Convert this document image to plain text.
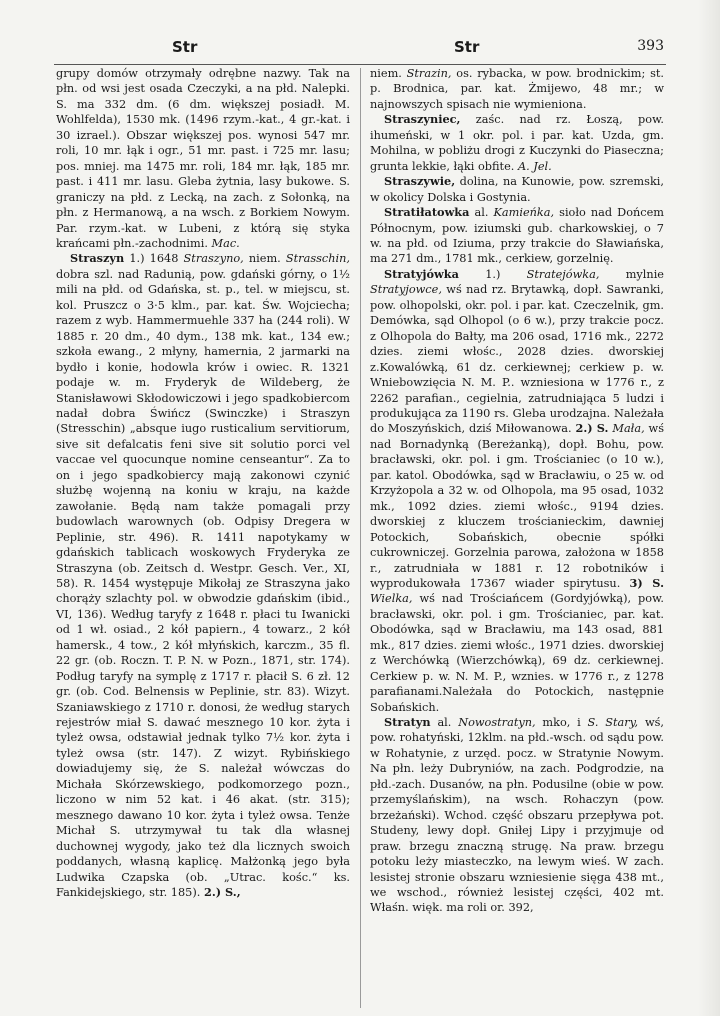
Str	Str	393

grupy domów otrzymały odrębne nazwy. Tak na płn. od wsi jest osada Czeczyki, a na płd. Nalepki. S. ma 332 dm. (6 dm. większej posiadł. M. Wohlfelda), 1530 mk. (1496 rzym.-kat., 4 gr.-kat. i 30 izrael.). Obszar większej pos. wynosi 547 mr. roli, 10 mr. łąk i ogr., 51 mr. past. i 725 mr. lasu; pos. mniej. ma 1475 mr. roli, 184 mr. łąk, 185 mr. past. i 411 mr. lasu. Gleba żytnia, lasy bukowe. S. graniczy na płd. z Lecką, na zach. z Sołonką, na płn. z Hermanową, a na wsch. z Borkiem Nowym. Par. rzym.-kat. w Lubeni, z którą się styka krańcami płn.-zachodnimi. Mac.

Straszyn 1.) 1648 Straszyno, niem. Strasschin, dobra szl. nad Radunią, pow. gdański górny, o 1½ mili na płd. od Gdańska, st. p., tel. w miejscu, st. kol. Pruszcz o 3·5 klm., par. kat. Św. Wojciecha; razem z wyb. Hammermuehle 337 ha (244 roli). W 1885 r. 20 dm., 40 dym., 138 mk. kat., 134 ew.; szkoła ewang., 2 młyny, hamernia, 2 jarmarki na bydło i konie, hodowla krów i owiec. R. 1321 podaje w. m. Fryderyk de Wildeberg, że Stanisławowi Skłodowiczowi i jego spadkobiercom nadał dobra Świńcz (Swinczke) i Straszyn (Stresschin) „absque iugo rusticalium servitiorum, sive sit defalcatis feni sive sit solutio porci vel vaccae vel quocunque nomine censeantur“. Za to on i jego spadkobiercy mają zakonowi czynić służbę wojenną na koniu w kraju, na każde zawołanie. Będą nam także pomagali przy budowlach warownych (ob. Odpisy Dregera w Peplinie, str. 496). R. 1411 napotykamy w gdańskich tablicach woskowych Fryderyka ze Straszyna (ob. Zeitsch d. Westpr. Gesch. Ver., XI, 58). R. 1454 występuje Mikołaj ze Straszyna jako chorąży szlachty pol. w obwodzie gdańskim (ibid., VI, 136). Według taryfy z 1648 r. płaci tu Iwanicki od 1 wł. osiad., 2 kół papiern., 4 towarz., 2 kół hamersk., 4 tow., 2 kół młyńskich, karczm., 35 fl. 22 gr. (ob. Roczn. T. P. N. w Pozn., 1871, str. 174). Podług taryfy na symplę z 1717 r. płacił S. 6 zł. 12 gr. (ob. Cod. Belnensis w Peplinie, str. 83). Wizyt. Szaniawskiego z 1710 r. donosi, że według starych rejestrów miał S. dawać mesznego 10 kor. żyta i tyleż owsa, odstawiał jednak tylko 7½ kor. żyta i tyleż owsa (str. 147). Z wizyt. Rybińskiego dowiadujemy się, że S. należał wówczas do Michała Skórzewskiego, podkomorzego pozn., liczono w nim 52 kat. i 46 akat. (str. 315); mesznego dawano 10 kor. żyta i tyleż owsa. Tenże Michał S. utrzymywał tu tak dla własnej duchownej wygody, jako też dla licznych swoich poddanych, własną kaplicę. Małżonką jego była Ludwika Czapska (ob. „Utrac. kośc.“ ks. Fankidejskiego, str. 185). 2.) S.,

niem. Strazin, os. rybacka, w pow. brodnickim; st. p. Brodnica, par. kat. Żmijewo, 48 mr.; w najnowszych spisach nie wymieniona.

Straszyniec, zaśc. nad rz. Łoszą, pow. ihumeński, w 1 okr. pol. i par. kat. Uzda, gm. Mohilna, w pobliżu drogi z Kuczynki do Piaseczna; grunta lekkie, łąki obfite. A. Jel.

Straszywie, dolina, na Kunowie, pow. szremski, w okolicy Dolska i Gostynia.

Stratiłatowka al. Kamieńka, sioło nad Dońcem Północnym, pow. iziumski gub. charkowskiej, o 7 w. na płd. od Iziuma, przy trakcie do Sławiańska, ma 271 dm., 1781 mk., cerkiew, gorzelnię.

Stratyjówka 1.) Stratejówka, mylnie Stratyjowce, wś nad rz. Brytawką, dopł. Sawranki, pow. olhopolski, okr. pol. i par. kat. Czeczelnik, gm. Demówka, sąd Olhopol (o 6 w.), przy trakcie pocz. z Olhopola do Bałty, ma 206 osad, 1716 mk., 2272 dzies. ziemi włośc., 2028 dzies. dworskiej z.Kowalówką, 61 dz. cerkiewnej; cerkiew p. w. Wniebowzięcia N. M. P.. wzniesiona w 1776 r., z 2262 parafian., cegielnia, zatrudniająca 5 ludzi i produkująca za 1190 rs. Gleba urodzajna. Należała do Moszyńskich, dziś Miłowanowa. 2.) S. Mała, wś nad Bornadynką (Bereżanką), dopł. Bohu, pow. bracławski, okr. pol. i gm. Trościaniec (o 10 w.), par. katol. Obodówka, sąd w Bracławiu, o 25 w. od Krzyżopola a 32 w. od Olhopola, ma 95 osad, 1032 mk., 1092 dzies. ziemi włośc., 9194 dzies. dworskiej z kluczem trościanieckim, dawniej Potockich, Sobańskich, obecnie spółki cukrowniczej. Gorzelnia parowa, założona w 1858 r., zatrudniała w 1881 r. 12 robotników i wyprodukowała 17367 wiader spirytusu. 3) S. Wielka, wś nad Trościańcem (Gordyjówką), pow. bracławski, okr. pol. i gm. Trościaniec, par. kat. Obodówka, sąd w Bracławiu, ma 143 osad, 881 mk., 817 dzies. ziemi włośc., 1971 dzies. dworskiej z Werchówką (Wierzchówką), 69 dz. cerkiewnej. Cerkiew p. w. N. M. P., wznies. w 1776 r., z 1278 parafianami.Należała do Potockich, następnie Sobańskich.

Stratyn al. Nowostratyn, mko, i S. Stary, wś, pow. rohatyński, 12klm. na płd.-wsch. od sądu pow. w Rohatynie, z urzęd. pocz. w Stratynie Nowym. Na płn. leży Dubryniów, na zach. Podgrodzie, na płd.-zach. Dusanów, na płn. Podusilne (obie w pow. przemyślańskim), na wsch. Rohaczyn (pow. brzeżański). Wchod. część obszaru przepływa pot. Studeny, lewy dopł. Gniłej Lipy i przyjmuje od praw. brzegu znaczną strugę. Na praw. brzegu potoku leży miasteczko, na lewym wieś. W zach. lesistej stronie obszaru wzniesienie sięga 438 mt., we wschod., również lesistej części, 402 mt. Właśn. więk. ma roli or. 392,
